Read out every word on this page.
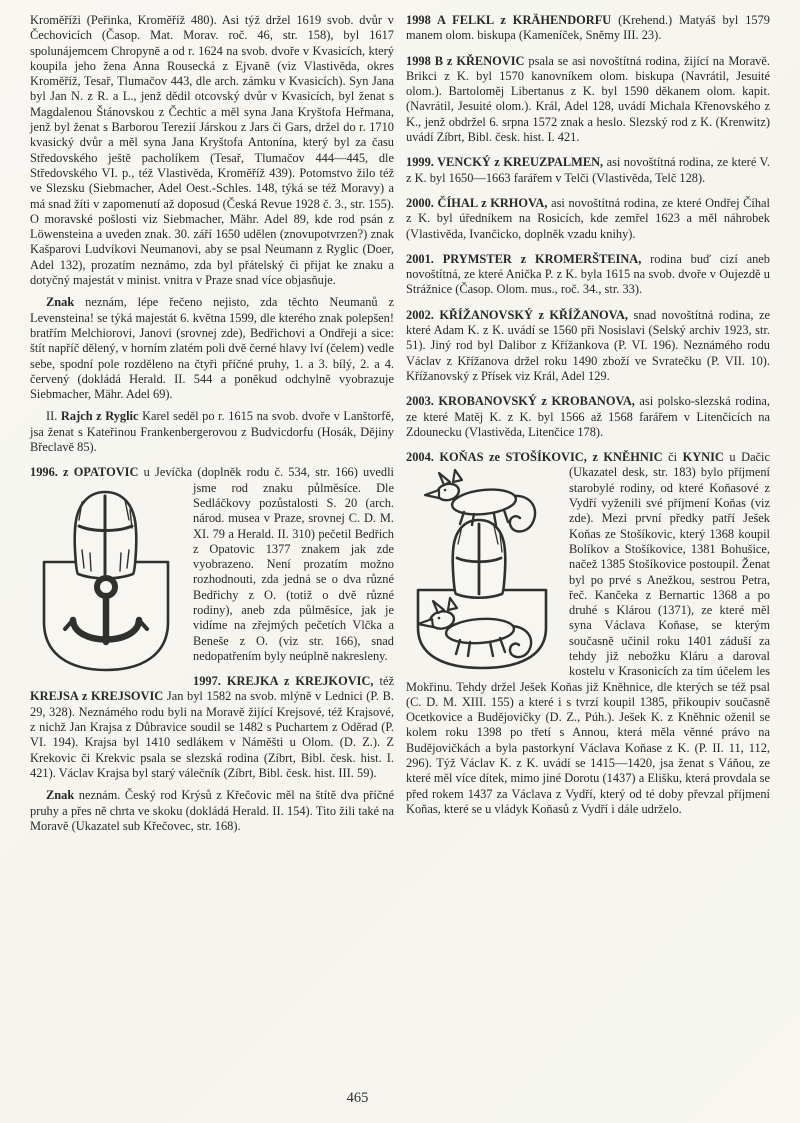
Kroměříži (Peřinka, Kroměříž 480). Asi týž držel 1619 svob. dvůr v Čechovicích (Časop. Mat. Morav. roč. 46, str. 158), byl 1617 spolunájemcem Chropyně a od r. 1624 na svob. dvoře v Kvasicích, který koupila jeho žena Anna Rousecká z Ejvaně (viz Vlastivěda, okres Kroměříž, Tesař, Tlumačov 443, dle arch. zámku v Kvasicích). Syn Jana byl Jan N. z R. a L., jenž dědil otcovský dvůr v Kvasicích, byl ženat s Magdalenou Štánovskou z Čechtic a měl syna Jana Kryštofa Heřmana, jenž byl ženat s Barborou Terezií Járskou z Jars či Gars, držel do r. 1710 kvasický dvůr a měl syna Jana Kryštofa Antonína, který byl za času Středovského ještě pacholíkem (Tesař, Tlumačov 444—445, dle Středovského VI. p., též Vlastivěda, Kroměříž 439). Potomstvo žilo též ve Slezsku (Siebmacher, Adel Oest.-Schles. 148, týká se též Moravy) a má snad žíti v zapomenutí až doposud (Česká Revue 1928 č. 3., str. 155). O moravské pošlosti viz Siebmacher, Mähr. Adel 89, kde rod psán z Löwensteina a uveden znak. 30. září 1650 udělen (znovupotvrzen?) znak Kašparovi Ludvíkovi Neumanovi, aby se psal Neumann z Ryglic (Doer, Adel 132), prozatím neznámo, zda byl přátelský či přijat ke znaku a dotyčný majestát v minist. vnitra v Praze snad více objasňuje.

Znak neznám, lépe řečeno nejisto, zda těchto Neumanů z Levensteina! se týká majestát 6. května 1599, dle kterého znak polepšen! bratřím Melchiorovi, Janovi (srovnej zde), Bedřichovi a Ondřeji a sice: štít napříč dělený, v horním zlatém poli dvě černé hlavy lví (čelem) vedle sebe, spodní pole rozděleno na čtyři příčné pruhy, 1. a 3. bílý, 2. a 4. červený (dokládá Herald. II. 544 a poněkud odchylně vyobrazuje Siebmacher, Mähr. Adel 69).

II. Rajch z Ryglic Karel seděl po r. 1615 na svob. dvoře v Lanštorfě, jsa ženat s Kateřinou Frankenbergerovou z Budvicdorfu (Hosák, Dějiny Břeclavě 85).

1996. z OPATOVIC u Jevíčka (doplněk rodu č. 534,
str. 166) uvedli jsme rod znaku půlměsíce. Dle Sedláčkovy pozůstalosti S. 20 (arch. národ. musea v Praze, srovnej C. D. M. XI. 79 a Herald. II. 310) pečetil Bedřich z Opatovic 1377 znakem jak zde vyobrazeno. Není prozatím možno rozhodnouti, zda jedná se o dva různé Bedřichy z O. (totiž o dvě různé rodiny), aneb zda půlměsíce, jak je vidíme na zřejmých pečetích Vlčka a Beneše z O. (viz str. 166), snad nedopatřením byly neúplně nakresleny.

1997. KREJKA z KREJKOVIC, též KREJSA z KREJSOVIC Jan byl 1582 na svob. mlýně v Lednici (P. B. 29, 328). Neznámého rodu byli na Moravě žijící Krejsové, též Krajsové, z nichž Jan Krajsa z Důbravice soudil se 1482 s Puchartem z Oděrad (P. VI. 194). Krajsa byl 1410 sedlákem v Náměšti u Olom. (D. Z.). Z Krekovic či Krekvic psala se slezská rodina (Zíbrt, Bibl. česk. hist. I. 421). Václav Krajsa byl starý válečník (Zíbrt, Bibl. česk. hist. III. 59).

Znak neznám. Český rod Krýsů z Křečovic měl na štítě dva příčné pruhy a přes ně chrta ve skoku (dokládá Herald. II. 154). Tito žili také na Moravě (Ukazatel sub Křečovec, str. 168).

1998 A FELKL z KRÄHENDORFU (Krehend.) Matyáš byl 1579 manem olom. biskupa (Kameníček, Sněmy III. 23).

1998 B z KŘENOVIC psala se asi novoštítná rodina, žijící na Moravě. Brikci z K. byl 1570 kanovníkem olom. biskupa (Navrátil, Jesuité olom.). Bartoloměj Libertanus z K. byl 1590 děkanem olom. kapit. (Navrátil, Jesuité olom.). Král, Adel 128, uvádí Michala Křenovského z K., jenž obdržel 6. srpna 1572 znak a heslo. Slezský rod z K. (Krenwitz) uvádí Zíbrt, Bibl. česk. hist. I. 421.

1999. VENCKÝ z KREUZPALMEN, asi novoštítná rodina, ze které V. z K. byl 1650—1663 farářem v Telči (Vlastivěda, Telč 128).

2000. ČÍHAL z KRHOVA, asi novoštítná rodina, ze které Ondřej Číhal z K. byl úředníkem na Rosicích, kde zemřel 1623 a měl náhrobek (Vlastivěda, Ivančicko, doplněk vzadu knihy).

2001. PRYMSTER z KROMERŠTEINA, rodina buď cizí aneb novoštítná, ze které Anička P. z K. byla 1615 na svob. dvoře v Oujezdě u Strážnice (Časop. Olom. mus., roč. 34., str. 33).

2002. KŘÍŽANOVSKÝ z KŘÍŽANOVA, snad novoštítná rodina, ze které Adam K. z K. uvádí se 1560 při Nosislavi (Selský archiv 1923, str. 51). Jiný rod byl Dalibor z Křížankova (P. VI. 196). Neznámého rodu Václav z Křížanova držel roku 1490 zboží ve Svratečku (P. VII. 10). Křížanovský z Přísek viz Král, Adel 129.

2003. KROBANOVSKÝ z KROBANOVA, asi polsko-slezská rodina, ze které Matěj K. z K. byl 1566 až 1568 farářem v Litenčicích na Zdounecku (Vlastivěda, Litenčice 178).

2004. KOŇAS ze STOŠÍKOVIC, z KNĚHNIC či
KYNIC u Dačic (Ukazatel desk, str. 183) bylo příjmení starobylé rodiny, od které Koňasové z Vydří vyženili své příjmení Koňas (viz zde). Mezi první předky patří Ješek Koňas ze Stošíkovic, který 1368 koupil Bolíkov a Stošíkovice, 1381 Bohušice, načež 1385 Stošíkovice postoupil. Ženat byl po prvé s Anežkou, sestrou Petra, řeč. Kančeka z Bernartic 1368 a po druhé s Klárou (1371), ze které měl syna Václava Koňase, se kterým současně učinil roku 1401 záduší za tehdy již nebožku Kláru a daroval kostelu v Krasonicích za tím účelem les Mokřinu. Tehdy držel Ješek Koňas již Kněhnice, dle kterých se též psal (C. D. M. XIII. 155) a které i s tvrzí koupil 1385, přikoupiv současně Ocetkovice a Budějovičky (D. Z., Púh.). Ješek K. z Kněhnic oženil se kolem roku 1398 po třetí s Annou, která měla věnné právo na Budějovičkách a byla pastorkyní Václava Koňase z K. (P. II. 11, 112, 296). Týž Václav K. z K. uvádí se 1415—1420, jsa ženat s Váňou, ze které měl více dítek, mimo jiné Dorotu (1437) a Elišku, která provdala se před rokem 1437 za Václava z Vydří, který od té doby převzal příjmení Koňas, které se u vládyk Koňasů z Vydří i dále udrželo.

465
